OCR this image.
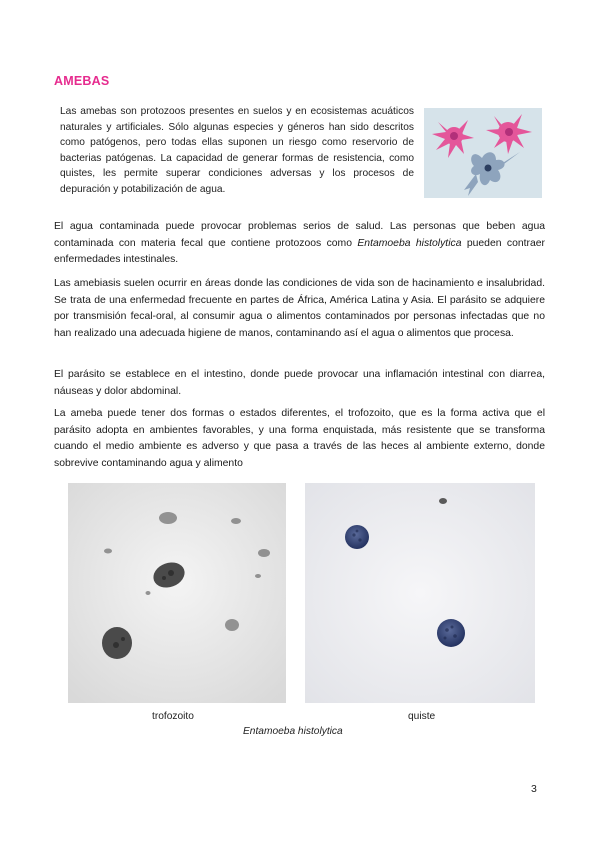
AMEBAS
Las amebas son protozoos presentes en suelos y en ecosistemas acuáticos naturales y artificiales. Sólo algunas especies y géneros han sido descritos como patógenos, pero todas ellas suponen un riesgo como reservorio de bacterias patógenas. La capacidad de generar formas de resistencia, como quistes, les permite superar condiciones adversas y los procesos de depuración y potabilización de agua.
El agua contaminada puede provocar problemas serios de salud. Las personas que beben agua contaminada con materia fecal que contiene protozoos como Entamoeba histolytica pueden contraer enfermedades intestinales.
Las amebiasis suelen ocurrir en áreas donde las condiciones de vida son de hacinamiento e insalubridad. Se trata de una enfermedad frecuente en partes de África, América Latina y Asia. El parásito se adquiere por transmisión fecal-oral, al consumir agua o alimentos contaminados por personas infectadas que no han realizado una adecuada higiene de manos, contaminando así el agua o alimentos que procesa.
El parásito se establece en el intestino, donde puede provocar una inflamación intestinal con diarrea, náuseas y dolor abdominal.
La ameba puede tener dos formas o estados diferentes, el trofozoito, que es la forma activa que el parásito adopta en ambientes favorables, y una forma enquistada, más resistente que se transforma cuando el medio ambiente es adverso y que pasa a través de las heces al ambiente externo, donde sobrevive contaminando agua y alimento
trofozoito	quiste
Entamoeba histolytica
3
